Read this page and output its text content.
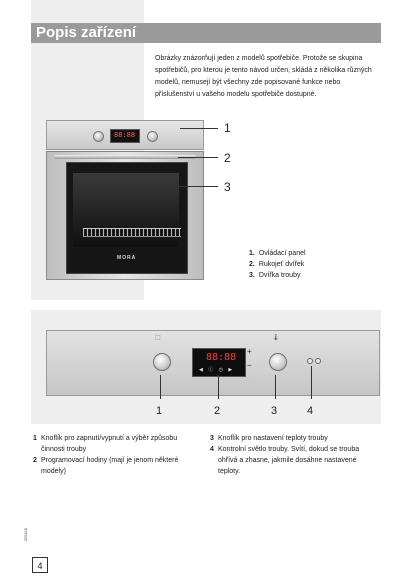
Popis zařízení
Obrázky znázorňují jeden z modelů spotřebiče. Protože se skupina spotřebičů, pro kterou je tento návod určen, skládá z několika různých modelů, nemusejí být všechny zde popisované funkce nebo příslušenství u vašeho modelu spotřebiče dostupné.
88:88
MORA
1
2
3
1. Ovládací panel
2. Rukojeť dvířek
3. Dvířka trouby
⬚
88:88
◀ ⓘ ◷ ▶
+
−
🌡
1	2	3	4
1 Knoflík pro zapnutí/vypnutí a výběr způsobu činnosti trouby
2 Programovací hodiny (mají je jenom některé modely)
3 Knoflík pro nastavení teploty trouby
4 Kontrolní světlo trouby. Svítí, dokud se trouba ohřívá a zhasne, jakmile dosáhne nastavené teploty.
320425
4
